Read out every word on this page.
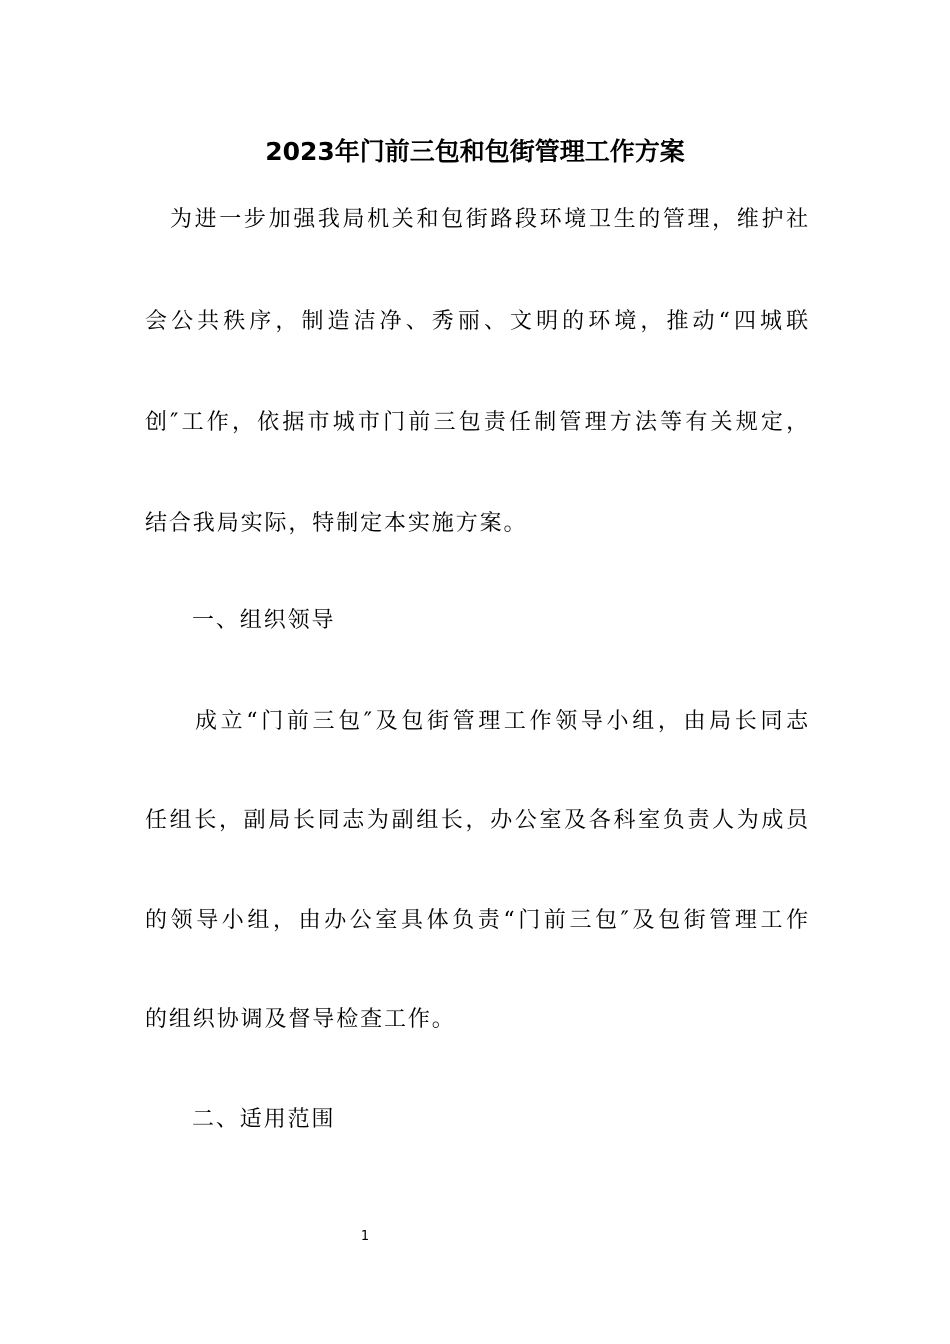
2023年门前三包和包街管理工作方案

为进一步加强我局机关和包街路段环境卫生的管理，维护社

会公共秩序，制造洁净、秀丽、文明的环境，推动“四城联

创″工作，依据市城市门前三包责任制管理方法等有关规定，

结合我局实际，特制定本实施方案。

一、组织领导

成立“门前三包″及包街管理工作领导小组，由局长同志

任组长，副局长同志为副组长，办公室及各科室负责人为成员

的领导小组，由办公室具体负责“门前三包″及包街管理工作

的组织协调及督导检查工作。

二、适用范围

1
